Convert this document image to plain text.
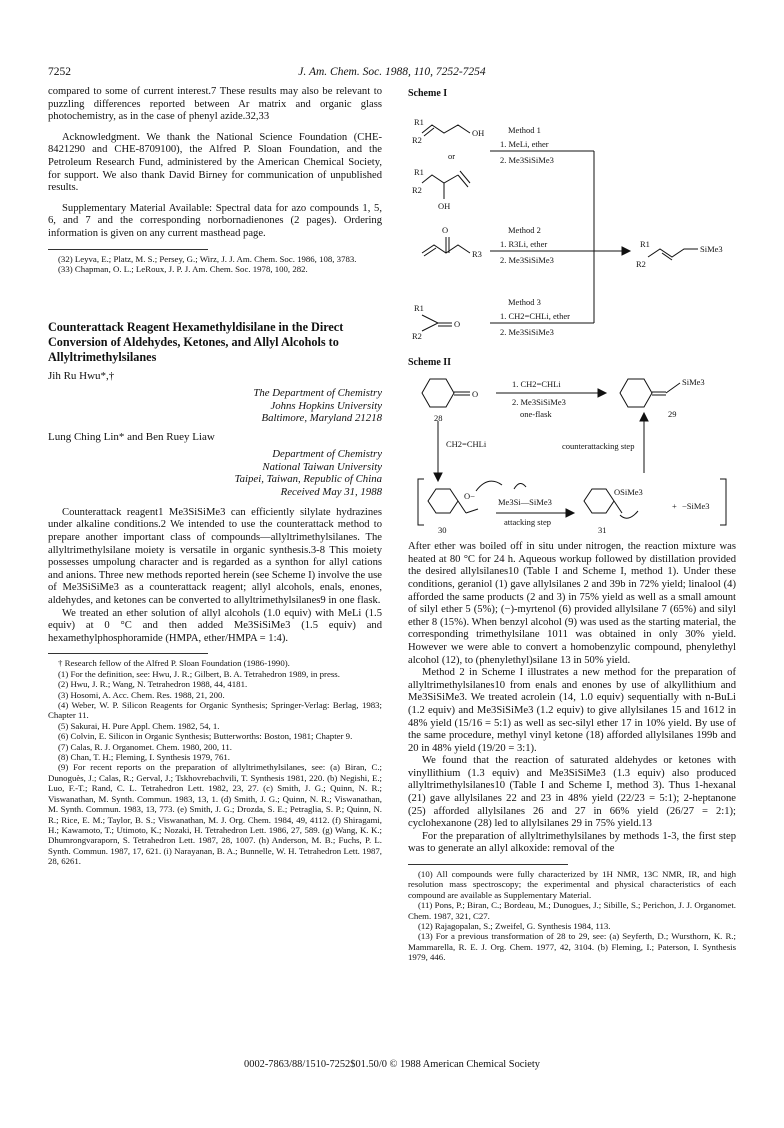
7252	J. Am. Chem. Soc. 1988, 110, 7252-7254

compared to some of current interest.7 These results may also be relevant to puzzling differences reported between Ar matrix and organic glass photochemistry, as in the case of phenyl azide.32,33

Acknowledgment. We thank the National Science Foundation (CHE-8421290 and CHE-8709100), the Alfred P. Sloan Foundation, and the Petroleum Research Fund, administered by the American Chemical Society, for support. We also thank David Birney for communication of unpublished results.

Supplementary Material Available: Spectral data for azo compounds 1, 5, 6, and 7 and the corresponding norbornadienones (2 pages). Ordering information is given on any current masthead page.

(32) Leyva, E.; Platz, M. S.; Persey, G.; Wirz, J. J. Am. Chem. Soc. 1986, 108, 3783.

(33) Chapman, O. L.; LeRoux, J. P. J. Am. Chem. Soc. 1978, 100, 282.

Counterattack Reagent Hexamethyldisilane in the Direct Conversion of Aldehydes, Ketones, and Allyl Alcohols to Allyltrimethylsilanes
Jih Ru Hwu*,†
The Department of Chemistry
Johns Hopkins University
Baltimore, Maryland 21218
Lung Ching Lin* and Ben Ruey Liaw
Department of Chemistry
National Taiwan University
Taipei, Taiwan, Republic of China
Received May 31, 1988

Counterattack reagent1 Me3SiSiMe3 can efficiently silylate hydrazines under alkaline conditions.2 We intended to use the counterattack method to prepare another important class of compounds—allyltrimethylsilanes. The allyltrimethylsilane moiety is versatile in organic synthesis.3-8 This moiety possesses umpolung character and is regarded as a synthon for allyl cations and anions. Three new methods reported herein (see Scheme I) involve the use of Me3SiSiMe3 as a counterattack reagent; allyl alcohols, enals, enones, aldehydes, and ketones can be converted to allyltrimethylsilanes9 in one flask.

We treated an ether solution of allyl alcohols (1.0 equiv) with MeLi (1.5 equiv) at 0 °C and then added Me3SiSiMe3 (1.5 equiv) and hexamethylphosphoramide (HMPA, ether/HMPA = 1:4).

† Research fellow of the Alfred P. Sloan Foundation (1986-1990).

(1) For the definition, see: Hwu, J. R.; Gilbert, B. A. Tetrahedron 1989, in press.

(2) Hwu, J. R.; Wang, N. Tetrahedron 1988, 44, 4181.

(3) Hosomi, A. Acc. Chem. Res. 1988, 21, 200.

(4) Weber, W. P. Silicon Reagents for Organic Synthesis; Springer-Verlag: Berlag, 1983; Chapter 11.

(5) Sakurai, H. Pure Appl. Chem. 1982, 54, 1.

(6) Colvin, E. Silicon in Organic Synthesis; Butterworths: Boston, 1981; Chapter 9.

(7) Calas, R. J. Organomet. Chem. 1980, 200, 11.

(8) Chan, T. H.; Fleming, I. Synthesis 1979, 761.

(9) For recent reports on the preparation of allyltrimethylsilanes, see: (a) Biran, C.; Dunoguès, J.; Calas, R.; Gerval, J.; Tskhovrebachvili, T. Synthesis 1981, 220. (b) Negishi, E.; Luo, F.-T.; Rand, C. L. Tetrahedron Lett. 1982, 23, 27. (c) Smith, J. G.; Quinn, N. R.; Viswanathan, M. Synth. Commun. 1983, 13, 1. (d) Smith, J. G.; Quinn, N. R.; Viswanathan, M. Synth. Commun. 1983, 13, 773. (e) Smith, J. G.; Drozda, S. E.; Petraglia, S. P.; Quinn, N. R.; Rice, E. M.; Taylor, B. S.; Viswanathan, M. J. Org. Chem. 1984, 49, 4112. (f) Shiragami, H.; Kawamoto, T.; Utimoto, K.; Nozaki, H. Tetrahedron Lett. 1986, 27, 589. (g) Wang, K. K.; Dhumrongvaraporn, S. Tetrahedron Lett. 1987, 28, 1007. (h) Anderson, M. B.; Fuchs, P. L. Synth. Commun. 1987, 17, 621. (i) Narayanan, B. A.; Bunnelle, W. H. Tetrahedron Lett. 1987, 28, 6261.

Scheme I
R1
R2
OH
or
R1
R2
OH
O
R3
R1
O
R2
Method 1
1. MeLi, ether
2. Me3SiSiMe3
Method 2
1. R3Li, ether
2. Me3SiSiMe3
Method 3
1. CH2=CHLi, ether
2. Me3SiSiMe3
R1
R2
SiMe3
Scheme II
O
28
1. CH2=CHLi
2. Me3SiSiMe3
one-flask
SiMe3
29
CH2=CHLi	counterattacking step
O−
Me3Si—SiMe3
attacking step
OSiMe3
+ −SiMe3
30	31

After ether was boiled off in situ under nitrogen, the reaction mixture was heated at 80 °C for 24 h. Aqueous workup followed by distillation provided the desired allylsilanes10 (Table I and Scheme I, method 1). Under these conditions, geraniol (1) gave allylsilanes 2 and 39b in 72% yield; linalool (4) afforded the same products (2 and 3) in 75% yield as well as a small amount of silyl ether 5 (5%); (−)-myrtenol (6) provided allylsilane 7 (65%) and silyl ether 8 (15%). When benzyl alcohol (9) was used as the starting material, the corresponding trimethylsilane 1011 was obtained in only 30% yield. However we were able to convert a homobenzylic compound, phenylethyl alcohol (12), to (phenylethyl)silane 13 in 50% yield.

Method 2 in Scheme I illustrates a new method for the preparation of allyltrimethylsilanes10 from enals and enones by use of alkyllithium and Me3SiSiMe3. We treated acrolein (14, 1.0 equiv) sequentially with n-BuLi (1.2 equiv) and Me3SiSiMe3 (1.2 equiv) to give allylsilanes 15 and 1612 in 48% yield (15/16 = 5:1) as well as sec-silyl ether 17 in 10% yield. By use of the same procedure, methyl vinyl ketone (18) afforded allylsilanes 199b and 20 in 48% yield (19/20 = 3:1).

We found that the reaction of saturated aldehydes or ketones with vinyllithium (1.3 equiv) and Me3SiSiMe3 (1.3 equiv) also produced allyltrimethylsilanes10 (Table I and Scheme I, method 3). Thus 1-hexanal (21) gave allylsilanes 22 and 23 in 48% yield (22/23 = 5:1); 2-heptanone (25) afforded allylsilanes 26 and 27 in 66% yield (26/27 = 2:1); cyclohexanone (28) led to allylsilanes 29 in 75% yield.13

For the preparation of allyltrimethylsilanes by methods 1-3, the first step was to generate an allyl alkoxide: removal of the

(10) All compounds were fully characterized by 1H NMR, 13C NMR, IR, and high resolution mass spectroscopy; the experimental and physical characteristics of each compound are available as Supplementary Material.

(11) Pons, P.; Biran, C.; Bordeau, M.; Dunogues, J.; Sibille, S.; Perichon, J. J. Organomet. Chem. 1987, 321, C27.

(12) Rajagopalan, S.; Zweifel, G. Synthesis 1984, 113.

(13) For a previous transformation of 28 to 29, see: (a) Seyferth, D.; Wursthorn, K. R.; Mammarella, R. E. J. Org. Chem. 1977, 42, 3104. (b) Fleming, I.; Paterson, I. Synthesis 1979, 446.

0002-7863/88/1510-7252$01.50/0 © 1988 American Chemical Society
